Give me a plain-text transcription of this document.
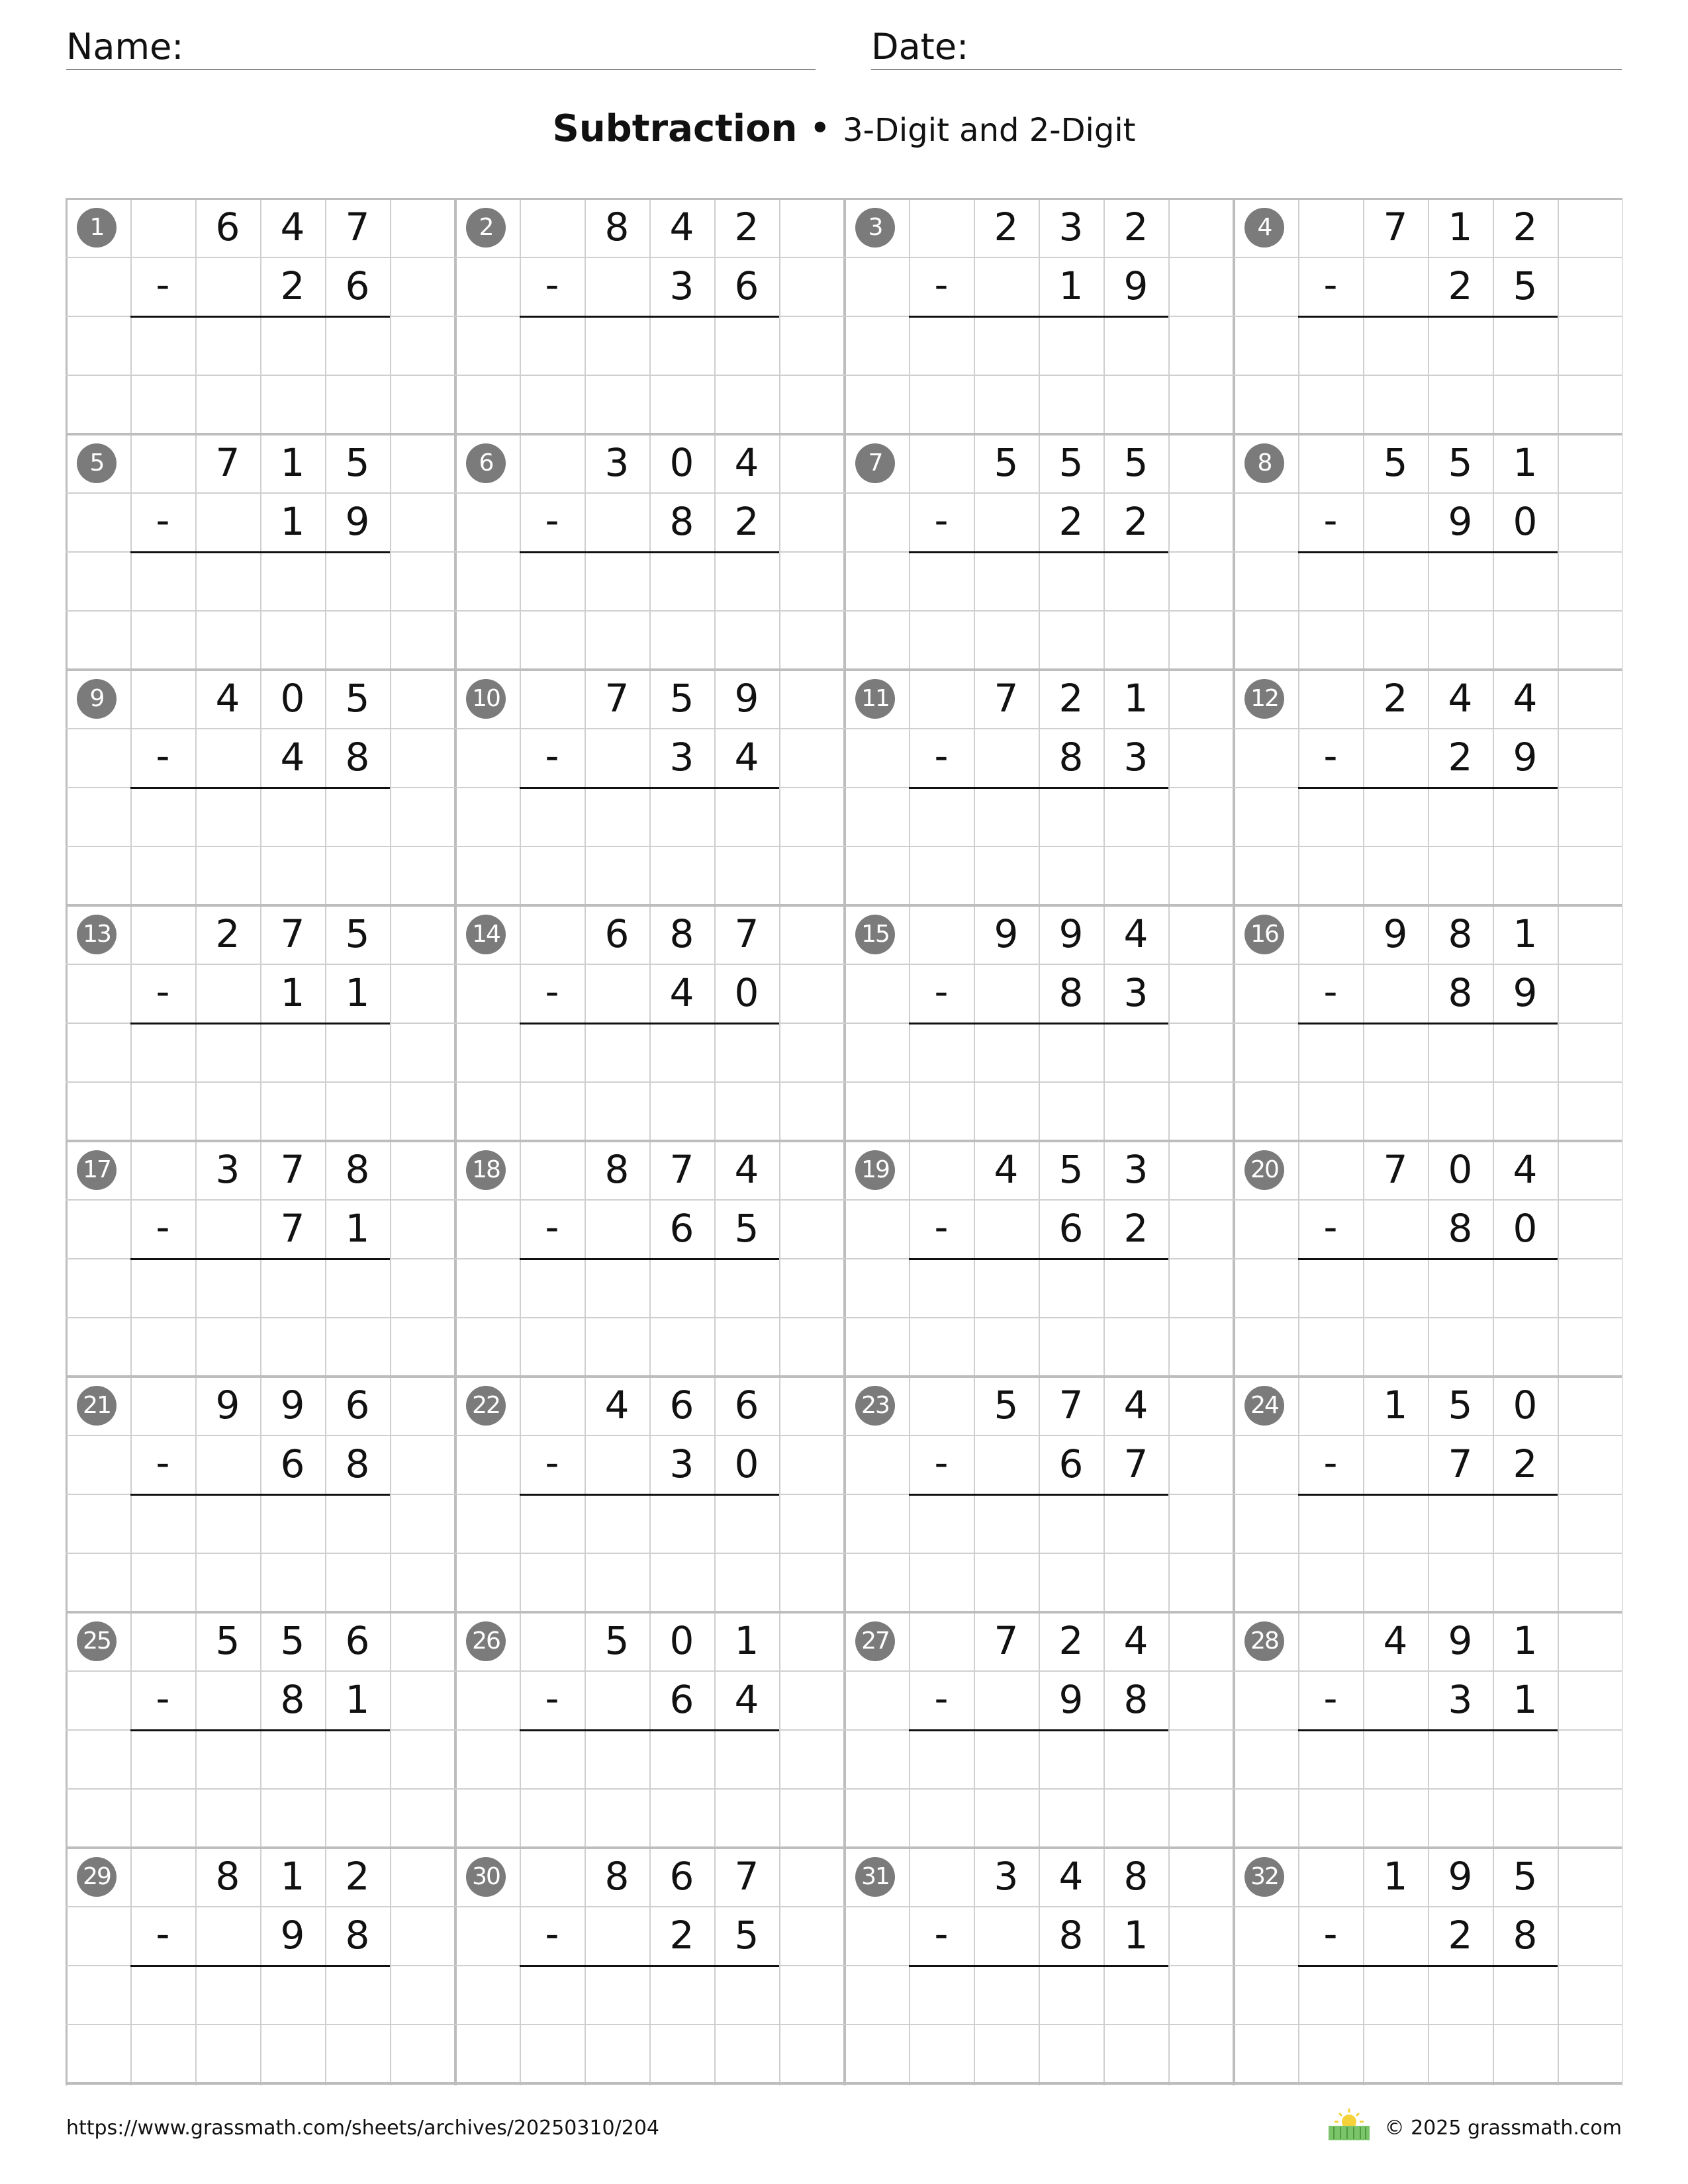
Name:	Date:
Subtraction • 3-Digit and 2-Digit
1	6	4	7
-	2	6
2	8	4	2
-	3	6
3	2	3	2
-	1	9
4	7	1	2
-	2	5
5	7	1	5
-	1	9
6	3	0	4
-	8	2
7	5	5	5
-	2	2
8	5	5	1
-	9	0
9	4	0	5
-	4	8
10	7	5	9
-	3	4
11	7	2	1
-	8	3
12	2	4	4
-	2	9
13	2	7	5
-	1	1
14	6	8	7
-	4	0
15	9	9	4
-	8	3
16	9	8	1
-	8	9
17	3	7	8
-	7	1
18	8	7	4
-	6	5
19	4	5	3
-	6	2
20	7	0	4
-	8	0
21	9	9	6
-	6	8
22	4	6	6
-	3	0
23	5	7	4
-	6	7
24	1	5	0
-	7	2
25	5	5	6
-	8	1
26	5	0	1
-	6	4
27	7	2	4
-	9	8
28	4	9	1
-	3	1
29	8	1	2
-	9	8
30	8	6	7
-	2	5
31	3	4	8
-	8	1
32	1	9	5
-	2	8
https://www.grassmath.com/sheets/archives/20250310/204	© 2025 grassmath.com
